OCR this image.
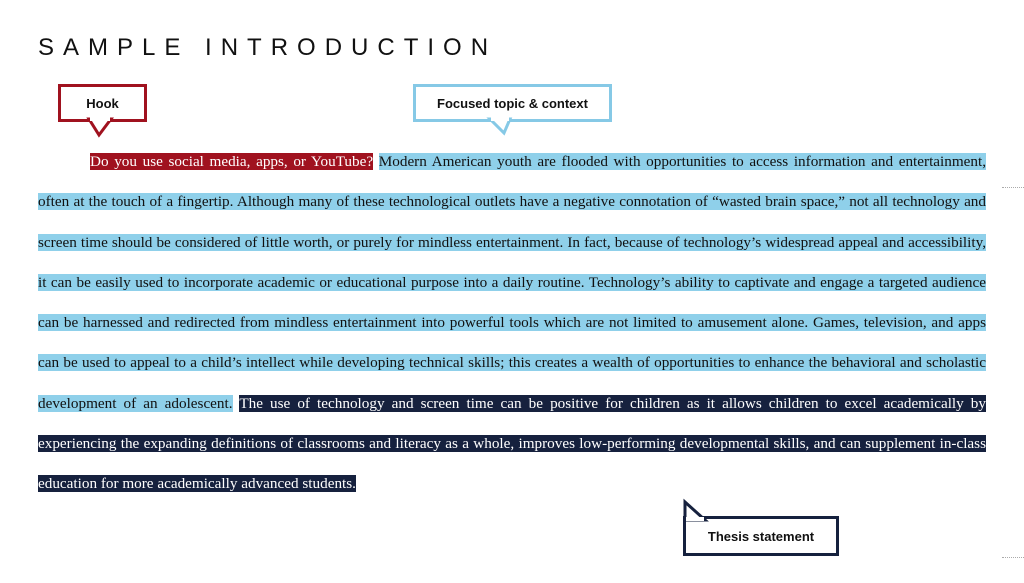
SAMPLE INTRODUCTION
Hook	Focused topic & context
Do you use social media, apps, or YouTube? Modern American youth are flooded with opportunities to access information and entertainment, often at the touch of a fingertip. Although many of these technological outlets have a negative connotation of “wasted brain space,” not all technology and screen time should be considered of little worth, or purely for mindless entertainment. In fact, because of technology’s widespread appeal and accessibility, it can be easily used to incorporate academic or educational purpose into a daily routine. Technology’s ability to captivate and engage a targeted audience can be harnessed and redirected from mindless entertainment into powerful tools which are not limited to amusement alone. Games, television, and apps can be used to appeal to a child’s intellect while developing technical skills; this creates a wealth of opportunities to enhance the behavioral and scholastic development of an adolescent. The use of technology and screen time can be positive for children as it allows children to excel academically by experiencing the expanding definitions of classrooms and literacy as a whole, improves low-performing developmental skills, and can supplement in-class education for more academically advanced students.
Thesis statement
